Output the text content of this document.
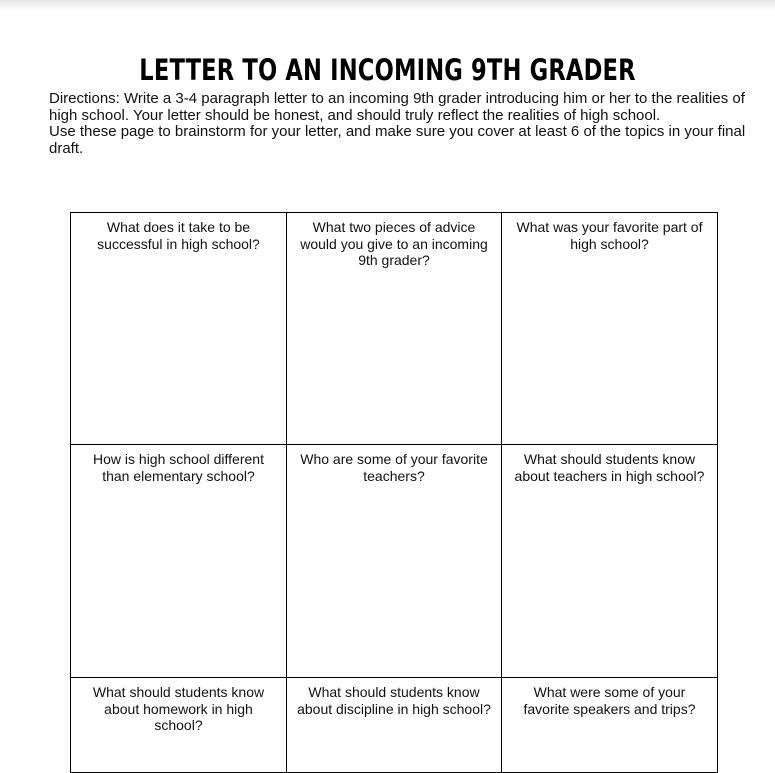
LETTER TO AN INCOMING 9TH GRADER

Directions: Write a 3-4 paragraph letter to an incoming 9th grader introducing him or her to the realities of high school. Your letter should be honest, and should truly reflect the realities of high school.

Use these page to brainstorm for your letter, and make sure you cover at least 6 of the topics in your final draft.

What does it take to be successful in high school?
What two pieces of advice would you give to an incoming 9th grader?
What was your favorite part of high school?
How is high school different than elementary school?
Who are some of your favorite teachers?
What should students know about teachers in high school?
What should students know about homework in high school?
What should students know about discipline in high school?
What were some of your favorite speakers and trips?
